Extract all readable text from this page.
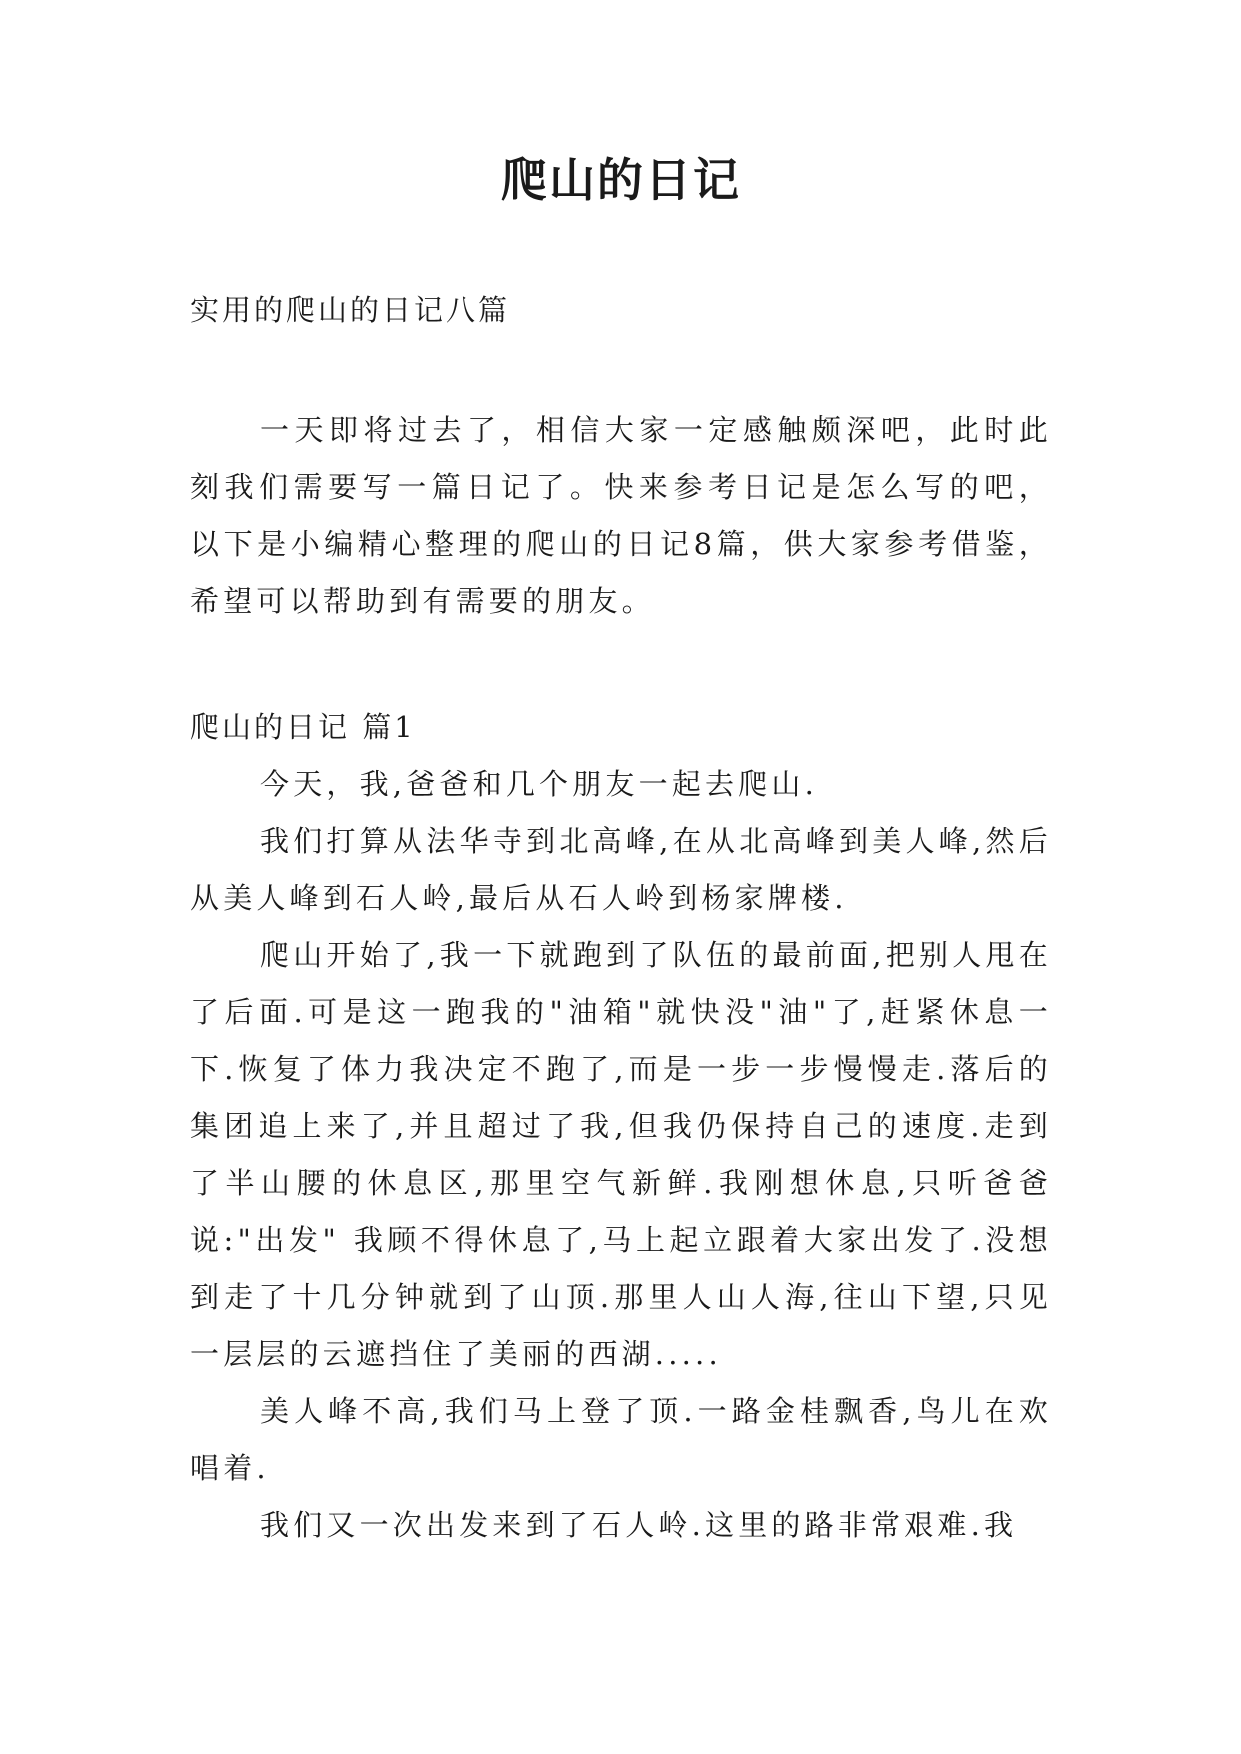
爬山的日记
实用的爬山的日记八篇

一天即将过去了，相信大家一定感触颇深吧，此时此刻我们需要写一篇日记了。快来参考日记是怎么写的吧，以下是小编精心整理的爬山的日记8篇，供大家参考借鉴，希望可以帮助到有需要的朋友。

爬山的日记 篇1

今天，我,爸爸和几个朋友一起去爬山.

我们打算从法华寺到北高峰,在从北高峰到美人峰,然后从美人峰到石人岭,最后从石人岭到杨家牌楼.

爬山开始了,我一下就跑到了队伍的最前面,把别人甩在了后面.可是这一跑我的"油箱"就快没"油"了,赶紧休息一下.恢复了体力我决定不跑了,而是一步一步慢慢走.落后的集团追上来了,并且超过了我,但我仍保持自己的速度.走到了半山腰的休息区,那里空气新鲜.我刚想休息,只听爸爸说:"出发" 我顾不得休息了,马上起立跟着大家出发了.没想到走了十几分钟就到了山顶.那里人山人海,往山下望,只见一层层的云遮挡住了美丽的西湖.....

美人峰不高,我们马上登了顶.一路金桂飘香,鸟儿在欢唱着.

我们又一次出发来到了石人岭.这里的路非常艰难.我
